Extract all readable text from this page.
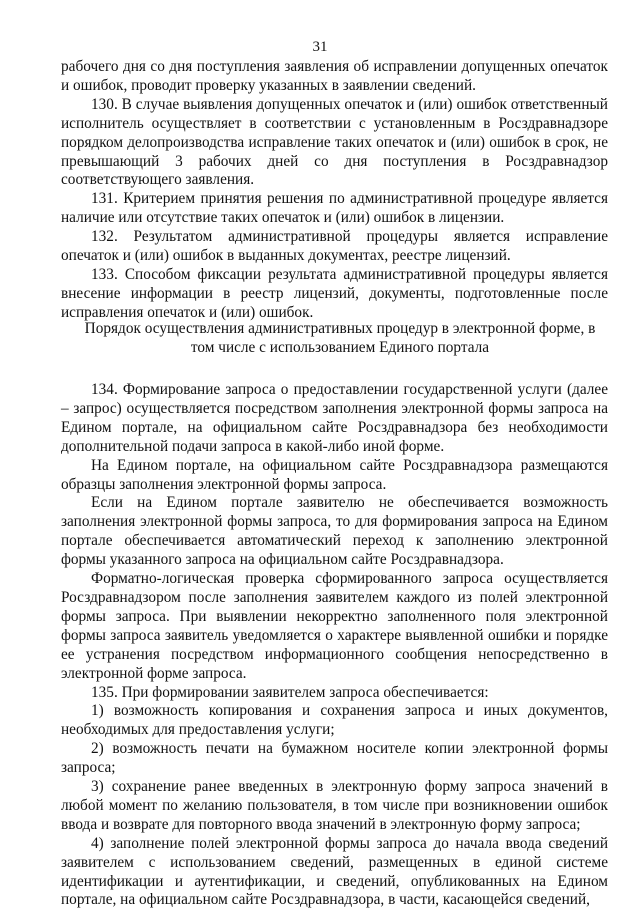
31

рабочего дня со дня поступления заявления об исправлении допущенных опечаток и ошибок, проводит проверку указанных в заявлении сведений.

130. В случае выявления допущенных опечаток и (или) ошибок ответственный исполнитель осуществляет в соответствии с установленным в Росздравнадзоре порядком делопроизводства исправление таких опечаток и (или) ошибок в срок, не превышающий 3 рабочих дней со дня поступления в Росздравнадзор соответствующего заявления.

131. Критерием принятия решения по административной процедуре является наличие или отсутствие таких опечаток и (или) ошибок в лицензии.

132. Результатом административной процедуры является исправление опечаток и (или) ошибок в выданных документах, реестре лицензий.

133. Способом фиксации результата административной процедуры является внесение информации в реестр лицензий, документы, подготовленные после исправления опечаток и (или) ошибок.

Порядок осуществления административных процедур в электронной форме, в том числе с использованием Единого портала

134. Формирование запроса о предоставлении государственной услуги (далее – запрос) осуществляется посредством заполнения электронной формы запроса на Едином портале, на официальном сайте Росздравнадзора без необходимости дополнительной подачи запроса в какой-либо иной форме.

На Едином портале, на официальном сайте Росздравнадзора размещаются образцы заполнения электронной формы запроса.

Если на Едином портале заявителю не обеспечивается возможность заполнения электронной формы запроса, то для формирования запроса на Едином портале обеспечивается автоматический переход к заполнению электронной формы указанного запроса на официальном сайте Росздравнадзора.

Форматно-логическая проверка сформированного запроса осуществляется Росздравнадзором после заполнения заявителем каждого из полей электронной формы запроса. При выявлении некорректно заполненного поля электронной формы запроса заявитель уведомляется о характере выявленной ошибки и порядке ее устранения посредством информационного сообщения непосредственно в электронной форме запроса.

135. При формировании заявителем запроса обеспечивается:

1) возможность копирования и сохранения запроса и иных документов, необходимых для предоставления услуги;

2) возможность печати на бумажном носителе копии электронной формы запроса;

3) сохранение ранее введенных в электронную форму запроса значений в любой момент по желанию пользователя, в том числе при возникновении ошибок ввода и возврате для повторного ввода значений в электронную форму запроса;

4) заполнение полей электронной формы запроса до начала ввода сведений заявителем с использованием сведений, размещенных в единой системе идентификации и аутентификации, и сведений, опубликованных на Едином портале, на официальном сайте Росздравнадзора, в части, касающейся сведений,
